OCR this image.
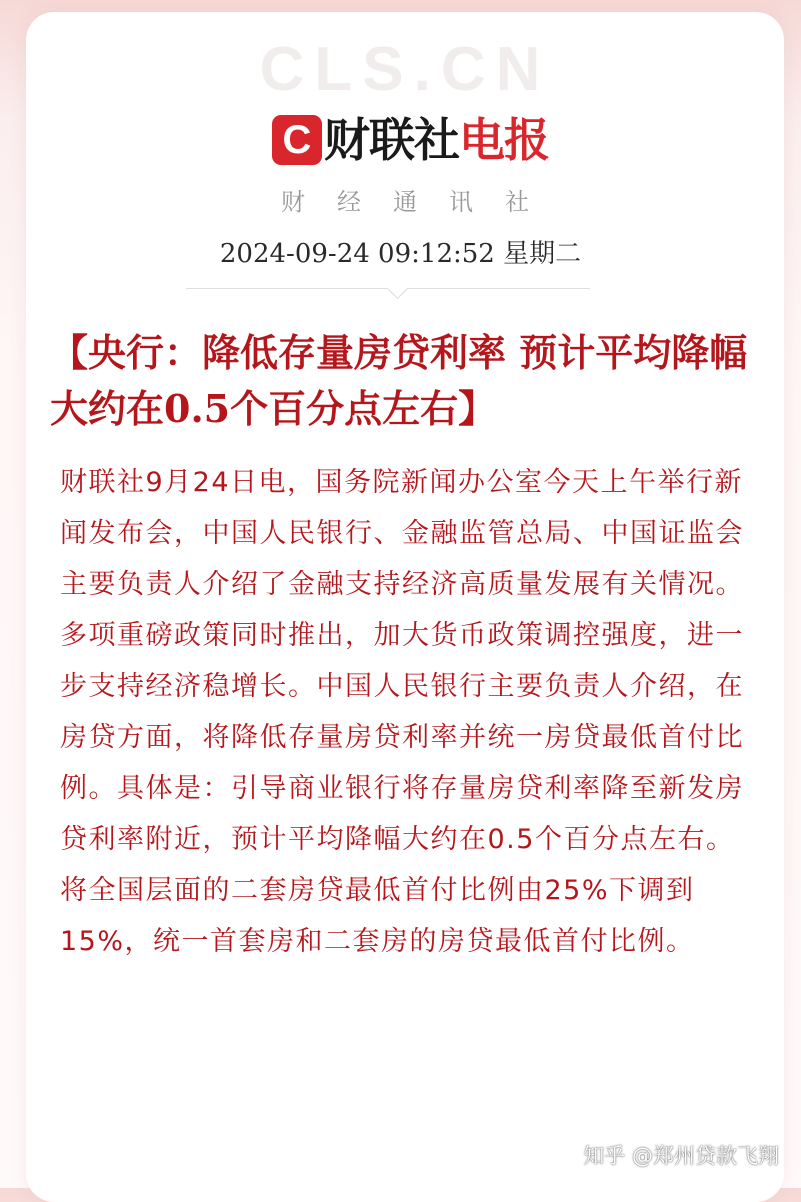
CLS.CN
C 财联社 电报
财经通讯社
2024-09-24 09:12:52 星期二
【央行：降低存量房贷利率 预计平均降幅大约在0.5个百分点左右】

财联社9月24日电，国务院新闻办公室今天上午举行新闻发布会，中国人民银行、金融监管总局、中国证监会主要负责人介绍了金融支持经济高质量发展有关情况。多项重磅政策同时推出，加大货币政策调控强度，进一步支持经济稳增长。中国人民银行主要负责人介绍，在房贷方面，将降低存量房贷利率并统一房贷最低首付比例。具体是：引导商业银行将存量房贷利率降至新发房贷利率附近，预计平均降幅大约在0.5个百分点左右。将全国层面的二套房贷最低首付比例由25%下调到15%，统一首套房和二套房的房贷最低首付比例。

知乎 @郑州贷款飞翔
